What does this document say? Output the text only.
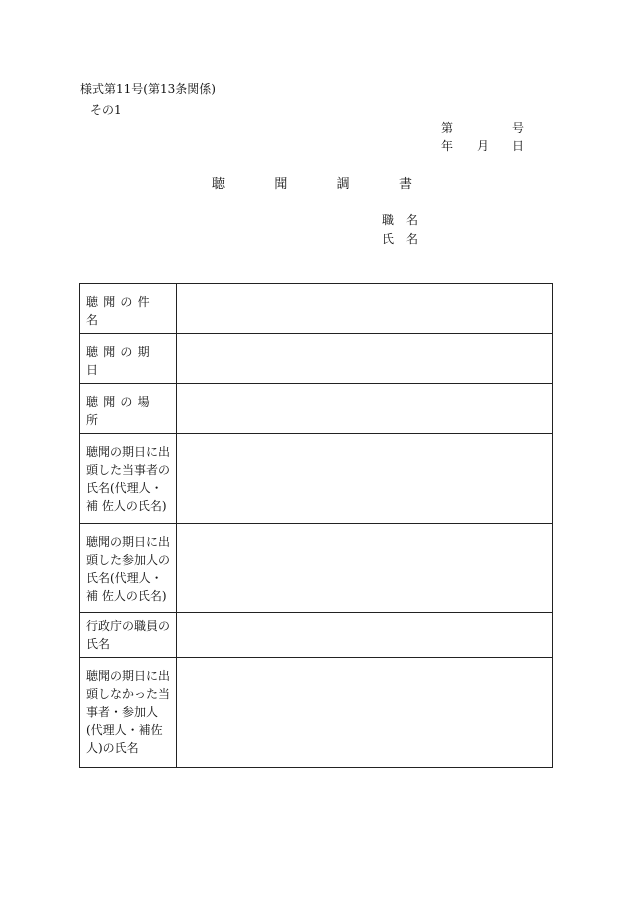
様式第11号(第13条関係)
その1
第	号
年 月 日
聴	聞	調	書
職 名
氏 名
聴聞の件名	

聴聞の期日	

聴聞の場所	

聴聞の期日に出 頭した当事者の 氏名(代理人・補 佐人の氏名)	

聴聞の期日に出 頭した参加人の 氏名(代理人・補 佐人の氏名)	

行政庁の職員の 氏名	

聴聞の期日に出 頭しなかった当 事者・参加人 (代理人・補佐 人)の氏名	
